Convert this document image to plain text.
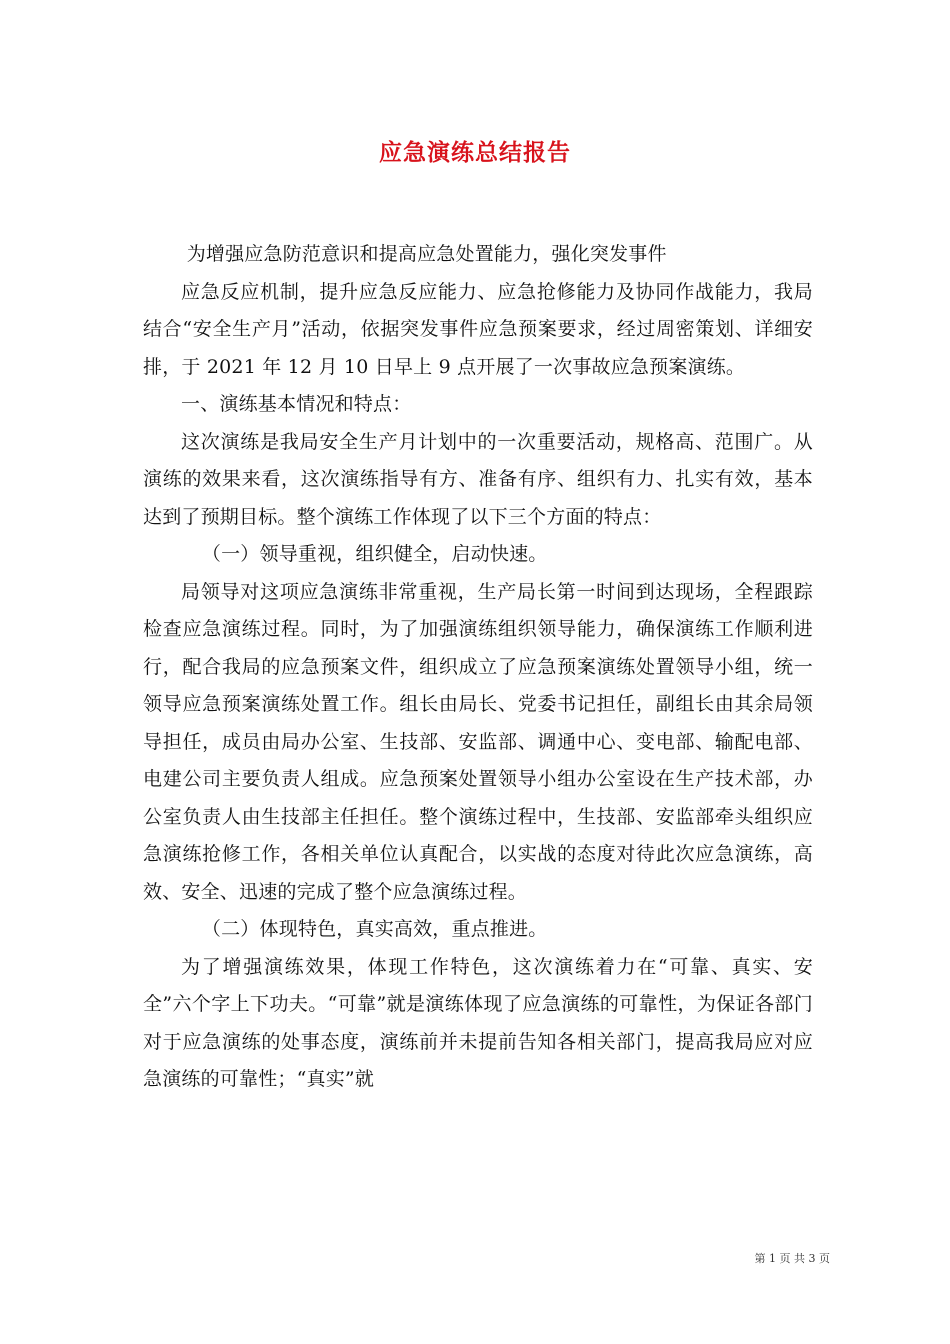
应急演练总结报告

为增强应急防范意识和提高应急处置能力，强化突发事件

应急反应机制，提升应急反应能力、应急抢修能力及协同作战能力，我局结合“安全生产月”活动，依据突发事件应急预案要求，经过周密策划、详细安排，于 2021 年 12 月 10 日早上 9 点开展了一次事故应急预案演练。

一、演练基本情况和特点：

这次演练是我局安全生产月计划中的一次重要活动，规格高、范围广。从演练的效果来看，这次演练指导有方、准备有序、组织有力、扎实有效，基本达到了预期目标。整个演练工作体现了以下三个方面的特点：

（一）领导重视，组织健全，启动快速。

局领导对这项应急演练非常重视，生产局长第一时间到达现场，全程跟踪检查应急演练过程。同时，为了加强演练组织领导能力，确保演练工作顺利进行，配合我局的应急预案文件，组织成立了应急预案演练处置领导小组，统一领导应急预案演练处置工作。组长由局长、党委书记担任，副组长由其余局领导担任，成员由局办公室、生技部、安监部、调通中心、变电部、输配电部、电建公司主要负责人组成。应急预案处置领导小组办公室设在生产技术部，办公室负责人由生技部主任担任。整个演练过程中，生技部、安监部牵头组织应急演练抢修工作，各相关单位认真配合，以实战的态度对待此次应急演练，高效、安全、迅速的完成了整个应急演练过程。

（二）体现特色，真实高效，重点推进。

为了增强演练效果，体现工作特色，这次演练着力在“可靠、真实、安全”六个字上下功夫。“可靠”就是演练体现了应急演练的可靠性，为保证各部门对于应急演练的处事态度，演练前并未提前告知各相关部门，提高我局应对应急演练的可靠性；“真实”就

第 1 页 共 3 页
